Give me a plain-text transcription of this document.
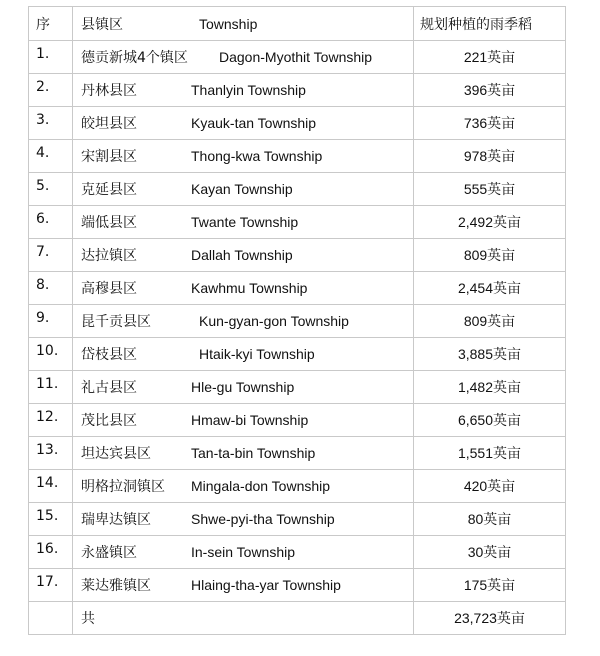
序	县镇区 Township	规划种植的雨季稻
1.	德贡新城4个镇区 Dagon-Myothit Township	221英亩
2.	丹林县区 Thanlyin Township	396英亩
3.	皎坦县区 Kyauk-tan Township	736英亩
4.	宋割县区 Thong-kwa Township	978英亩
5.	克延县区 Kayan Township	555英亩
6.	端低县区 Twante Township	2,492英亩
7.	达拉镇区 Dallah Township	809英亩
8.	高穆县区 Kawhmu Township	2,454英亩
9.	昆千贡县区 Kun-gyan-gon Township	809英亩
10.	岱枝县区 Htaik-kyi Township	3,885英亩
11.	礼古县区 Hle-gu Township	1,482英亩
12.	茂比县区 Hmaw-bi Township	6,650英亩
13.	坦达宾县区 Tan-ta-bin Township	1,551英亩
14.	明格拉洞镇区 Mingala-don Township	420英亩
15.	瑞卑达镇区 Shwe-pyi-tha Township	80英亩
16.	永盛镇区 In-sein Township	30英亩
17.	莱达雅镇区 Hlaing-tha-yar Township	175英亩

	共	23,723英亩
